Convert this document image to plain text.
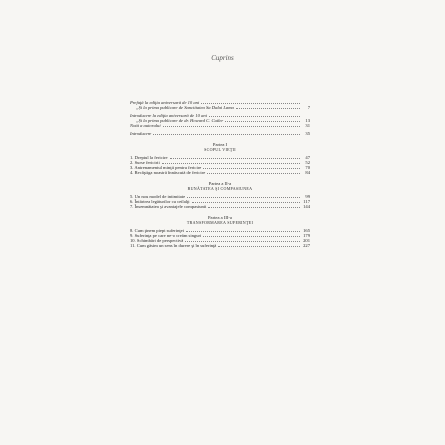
Cuprins
Prefaţă la ediţia aniversară de 10 ani
„Și la prima publicare de Sanctitatea Sa Dalai Lama	7
Introducere la ediţia aniversară de 10 ani
„Și la prima publicare de dr. Howard C. Cutler	13
Notă a autorului	31
Introducere	35
Partea I
SCOPUL VIEŢII
1. Dreptul la fericire	47
2. Surse fericirii	52
3. Antrenamentul minţii pentru fericire	70
4. Recâştiga noastră înnăscută de fericire	84
Partea a II-a
BUNĂTATEA ŞI COMPASIUNEA
5. Un nou model de intimitate	99
6. Întărirea legăturilor cu ceilalţi	117
7. Însemnătatea şi avantajele compasiunii	144
Partea a III-a
TRANSFORMAREA SUFERINŢEI
8. Cum ţinem piept suferinţei	165
9. Suferinţa pe care ne-o creăm singuri	179
10. Schimbări de perspectivă	201
11. Cum găsim un sens în durere şi în suferinţă	227
